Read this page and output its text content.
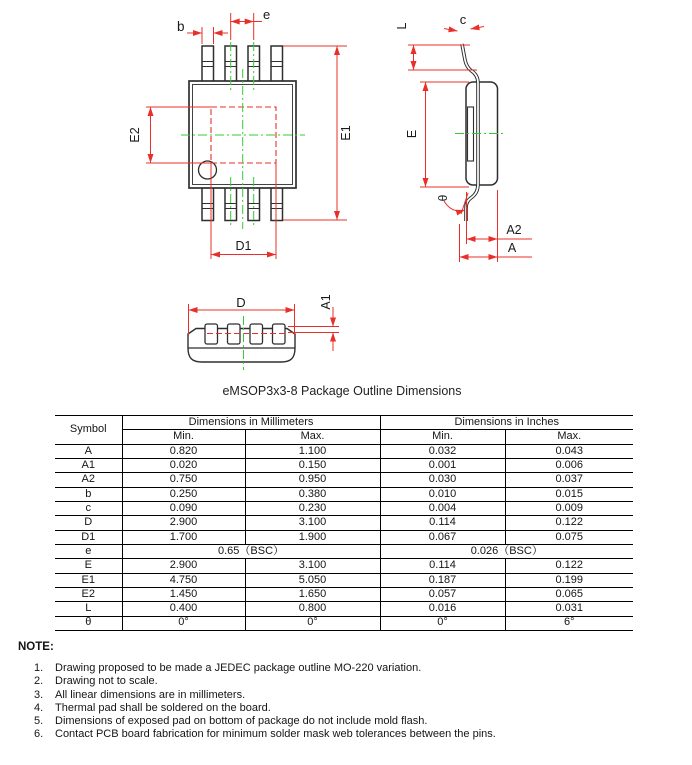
b
e
E1
E2
D1
L	c
E
θ
A2
A
D	A1
eMSOP3x3-8 Package Outline Dimensions
Symbol	Dimensions in Millimeters		Dimensions in Inches	
	Min.	Max.	Min.	Max.
A	0.820	1.100	0.032	0.043
A1	0.020	0.150	0.001	0.006
A2	0.750	0.950	0.030	0.037
b	0.250	0.380	0.010	0.015
c	0.090	0.230	0.004	0.009
D	2.900	3.100	0.114	0.122
D1	1.700	1.900	0.067	0.075
e	0.65（BSC）		0.026（BSC）	
E	2.900	3.100	0.114	0.122
E1	4.750	5.050	0.187	0.199
E2	1.450	1.650	0.057	0.065
L	0.400	0.800	0.016	0.031
θ	0°	0°	0°	6°
NOTE:
1.	Drawing proposed to be made a JEDEC package outline MO-220 variation.
2.	Drawing not to scale.
3.	All linear dimensions are in millimeters.
4.	Thermal pad shall be soldered on the board.
5.	Dimensions of exposed pad on bottom of package do not include mold flash.
6.	Contact PCB board fabrication for minimum solder mask web tolerances between the pins.
